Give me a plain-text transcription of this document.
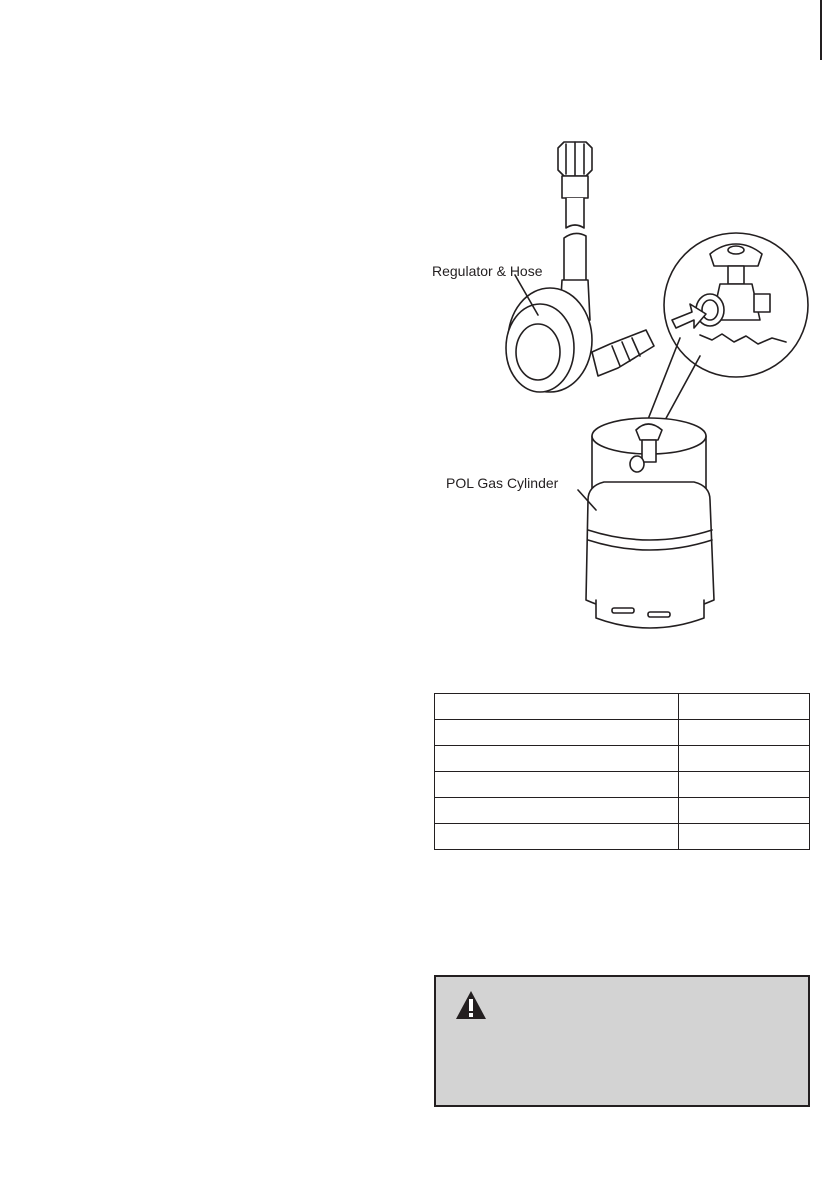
Regulator & Hose
POL Gas Cylinder
